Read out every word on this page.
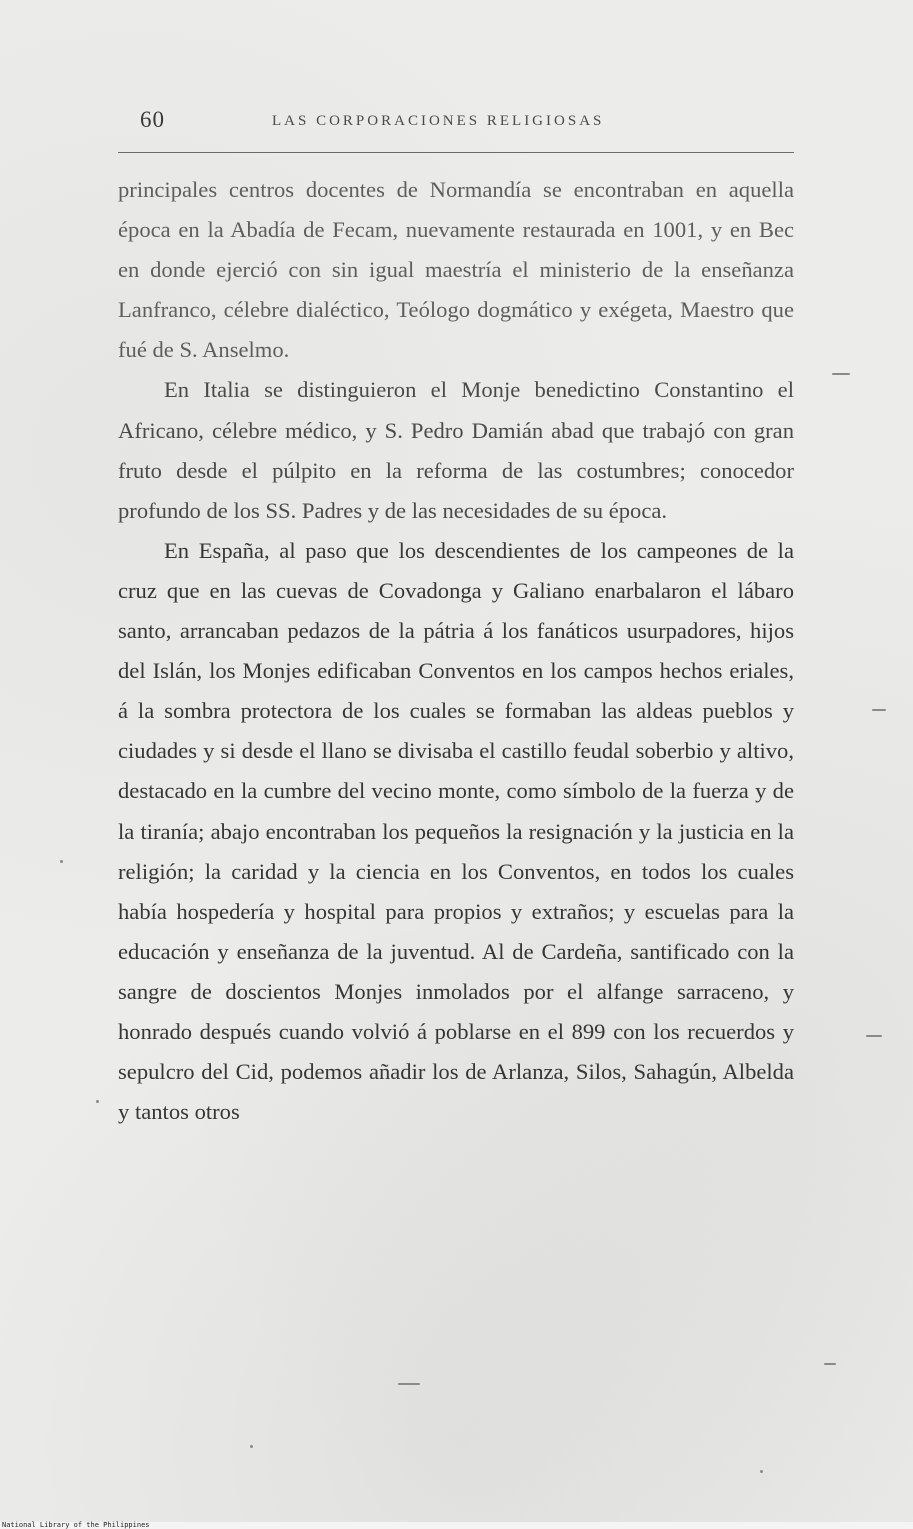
60	LAS CORPORACIONES RELIGIOSAS

principales centros docentes de Normandía se encontraban en aquella época en la Abadía de Fecam, nuevamente restaurada en 1001, y en Bec en donde ejerció con sin igual maestría el ministerio de la enseñanza Lanfranco, célebre dialéctico, Teólogo dogmático y exégeta, Maestro que fué de S. Anselmo.

En Italia se distinguieron el Monje benedictino Constantino el Africano, célebre médico, y S. Pedro Damián abad que trabajó con gran fruto desde el púlpito en la reforma de las costumbres; conocedor profundo de los SS. Padres y de las necesidades de su época.

En España, al paso que los descendientes de los campeones de la cruz que en las cuevas de Covadonga y Galiano enarbalaron el lábaro santo, arrancaban pedazos de la pátria á los fanáticos usurpadores, hijos del Islán, los Monjes edificaban Conventos en los campos hechos eriales, á la sombra protectora de los cuales se formaban las aldeas pueblos y ciudades y si desde el llano se divisaba el castillo feudal soberbio y altivo, destacado en la cumbre del vecino monte, como símbolo de la fuerza y de la tiranía; abajo encontraban los pequeños la resignación y la justicia en la religión; la caridad y la ciencia en los Conventos, en todos los cuales había hospedería y hospital para propios y extraños; y escuelas para la educación y enseñanza de la juventud. Al de Cardeña, santificado con la sangre de doscientos Monjes inmolados por el alfange sarraceno, y honrado después cuando volvió á poblarse en el 899 con los recuerdos y sepulcro del Cid, podemos añadir los de Arlanza, Silos, Sahagún, Albelda y tantos otros

National Library of the Philippines
